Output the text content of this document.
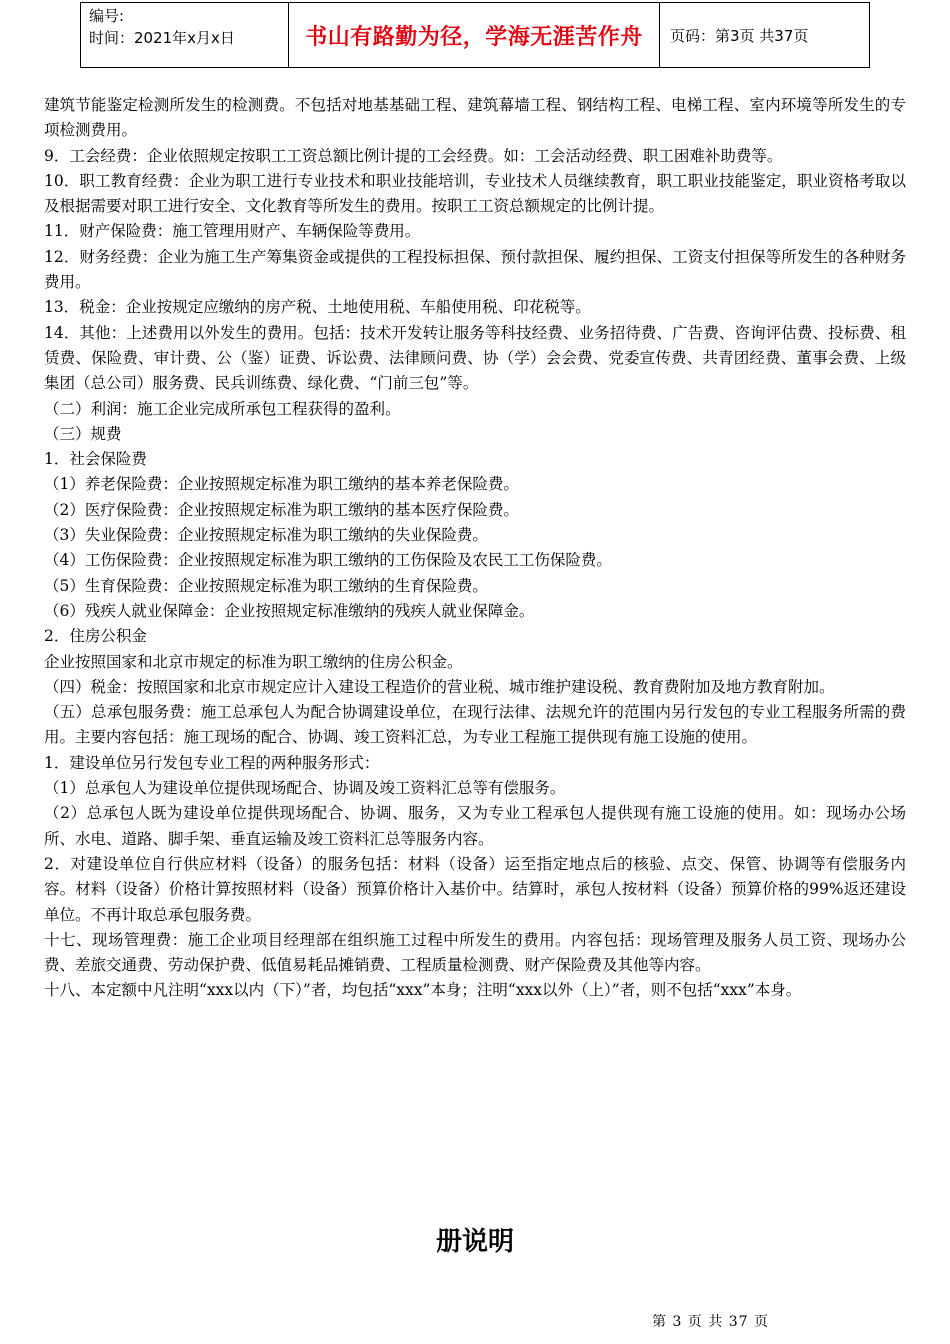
编号:
时间：2021年x月x日	书山有路勤为径，学海无涯苦作舟	页码：第3页 共37页

建筑节能鉴定检测所发生的检测费。不包括对地基基础工程、建筑幕墙工程、钢结构工程、电梯工程、室内环境等所发生的专项检测费用。

9．工会经费：企业依照规定按职工工资总额比例计提的工会经费。如：工会活动经费、职工困难补助费等。

10．职工教育经费：企业为职工进行专业技术和职业技能培训，专业技术人员继续教育，职工职业技能鉴定，职业资格考取以及根据需要对职工进行安全、文化教育等所发生的费用。按职工工资总额规定的比例计提。

11．财产保险费：施工管理用财产、车辆保险等费用。

12．财务经费：企业为施工生产筹集资金或提供的工程投标担保、预付款担保、履约担保、工资支付担保等所发生的各种财务费用。

13．税金：企业按规定应缴纳的房产税、土地使用税、车船使用税、印花税等。

14．其他：上述费用以外发生的费用。包括：技术开发转让服务等科技经费、业务招待费、广告费、咨询评估费、投标费、租赁费、保险费、审计费、公（鉴）证费、诉讼费、法律顾问费、协（学）会会费、党委宣传费、共青团经费、董事会费、上级集团（总公司）服务费、民兵训练费、绿化费、“门前三包”等。

（二）利润：施工企业完成所承包工程获得的盈利。

（三）规费

1．社会保险费

（1）养老保险费：企业按照规定标准为职工缴纳的基本养老保险费。

（2）医疗保险费：企业按照规定标准为职工缴纳的基本医疗保险费。

（3）失业保险费：企业按照规定标准为职工缴纳的失业保险费。

（4）工伤保险费：企业按照规定标准为职工缴纳的工伤保险及农民工工伤保险费。

（5）生育保险费：企业按照规定标准为职工缴纳的生育保险费。

（6）残疾人就业保障金：企业按照规定标准缴纳的残疾人就业保障金。

2．住房公积金

企业按照国家和北京市规定的标准为职工缴纳的住房公积金。

（四）税金：按照国家和北京市规定应计入建设工程造价的营业税、城市维护建设税、教育费附加及地方教育附加。

（五）总承包服务费：施工总承包人为配合协调建设单位，在现行法律、法规允许的范围内另行发包的专业工程服务所需的费用。主要内容包括：施工现场的配合、协调、竣工资料汇总，为专业工程施工提供现有施工设施的使用。

1．建设单位另行发包专业工程的两种服务形式：

（1）总承包人为建设单位提供现场配合、协调及竣工资料汇总等有偿服务。

（2）总承包人既为建设单位提供现场配合、协调、服务，又为专业工程承包人提供现有施工设施的使用。如：现场办公场所、水电、道路、脚手架、垂直运输及竣工资料汇总等服务内容。

2．对建设单位自行供应材料（设备）的服务包括：材料（设备）运至指定地点后的核验、点交、保管、协调等有偿服务内容。材料（设备）价格计算按照材料（设备）预算价格计入基价中。结算时，承包人按材料（设备）预算价格的99%返还建设单位。不再计取总承包服务费。

十七、现场管理费：施工企业项目经理部在组织施工过程中所发生的费用。内容包括：现场管理及服务人员工资、现场办公费、差旅交通费、劳动保护费、低值易耗品摊销费、工程质量检测费、财产保险费及其他等内容。

十八、本定额中凡注明“xxx以内（下）”者，均包括“xxx”本身；注明“xxx以外（上）”者，则不包括“xxx”本身。

册说明
第 3 页 共 37 页
